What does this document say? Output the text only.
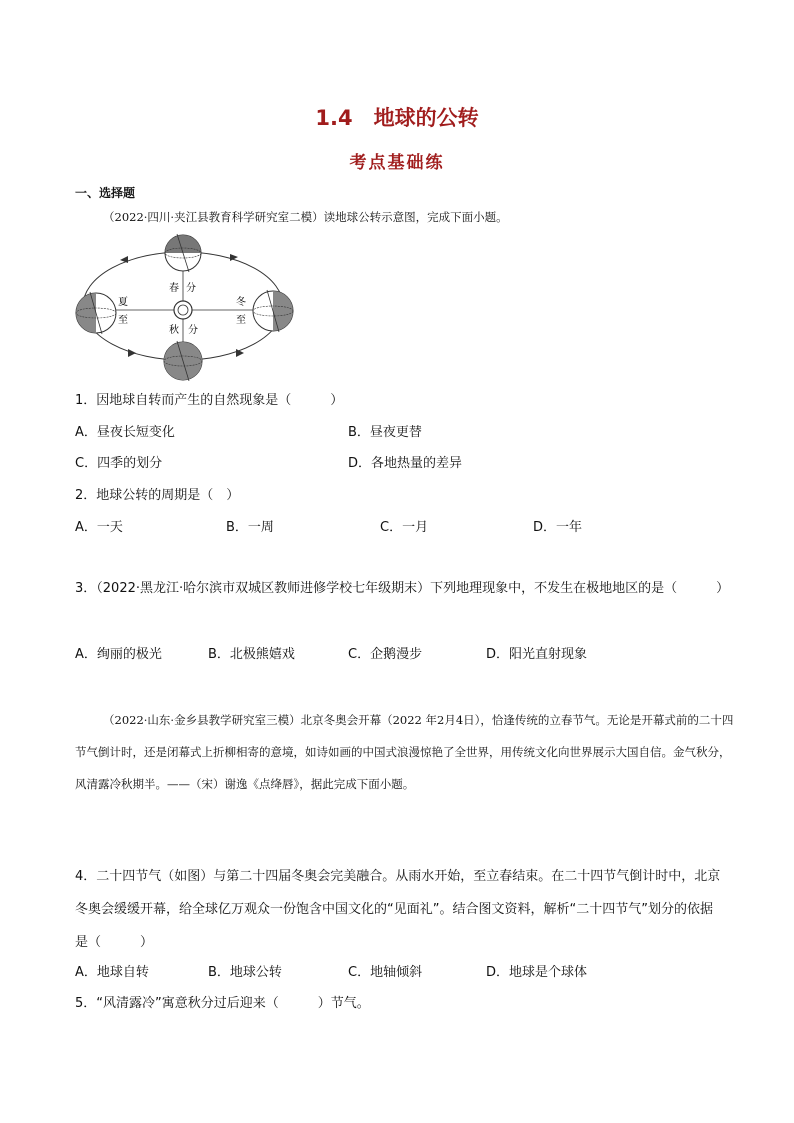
1.4　地球的公转
考点基础练
一、选择题
（2022·四川·夹江县教育科学研究室二模）读地球公转示意图，完成下面小题。
春 分
夏
至
冬
至
秋 分
1．因地球自转而产生的自然现象是（　　　）
A．昼夜长短变化	B．昼夜更替
C．四季的划分	D．各地热量的差异
2．地球公转的周期是（　）
A．一天	B．一周	C．一月	D．一年
3．（2022·黑龙江·哈尔滨市双城区教师进修学校七年级期末）下列地理现象中，不发生在极地地区的是（　　　）
A．绚丽的极光	B．北极熊嬉戏	C．企鹅漫步	D．阳光直射现象
（2022·山东·金乡县教学研究室三模）北京冬奥会开幕（2022 年2月4日），恰逢传统的立春节气。无论是开幕式前的二十四节气倒计时，还是闭幕式上折柳相寄的意境，如诗如画的中国式浪漫惊艳了全世界，用传统文化向世界展示大国自信。金气秋分，风清露冷秋期半。——（宋）谢逸《点绛唇》，据此完成下面小题。
4．二十四节气（如图）与第二十四届冬奥会完美融合。从雨水开始，至立春结束。在二十四节气倒计时中，北京冬奥会缓缓开幕，给全球亿万观众一份饱含中国文化的“见面礼”。结合图文资料，解析“二十四节气”划分的依据是（　　　）
A．地球自转	B．地球公转	C．地轴倾斜	D．地球是个球体
5．“风清露冷”寓意秋分过后迎来（　　　）节气。
